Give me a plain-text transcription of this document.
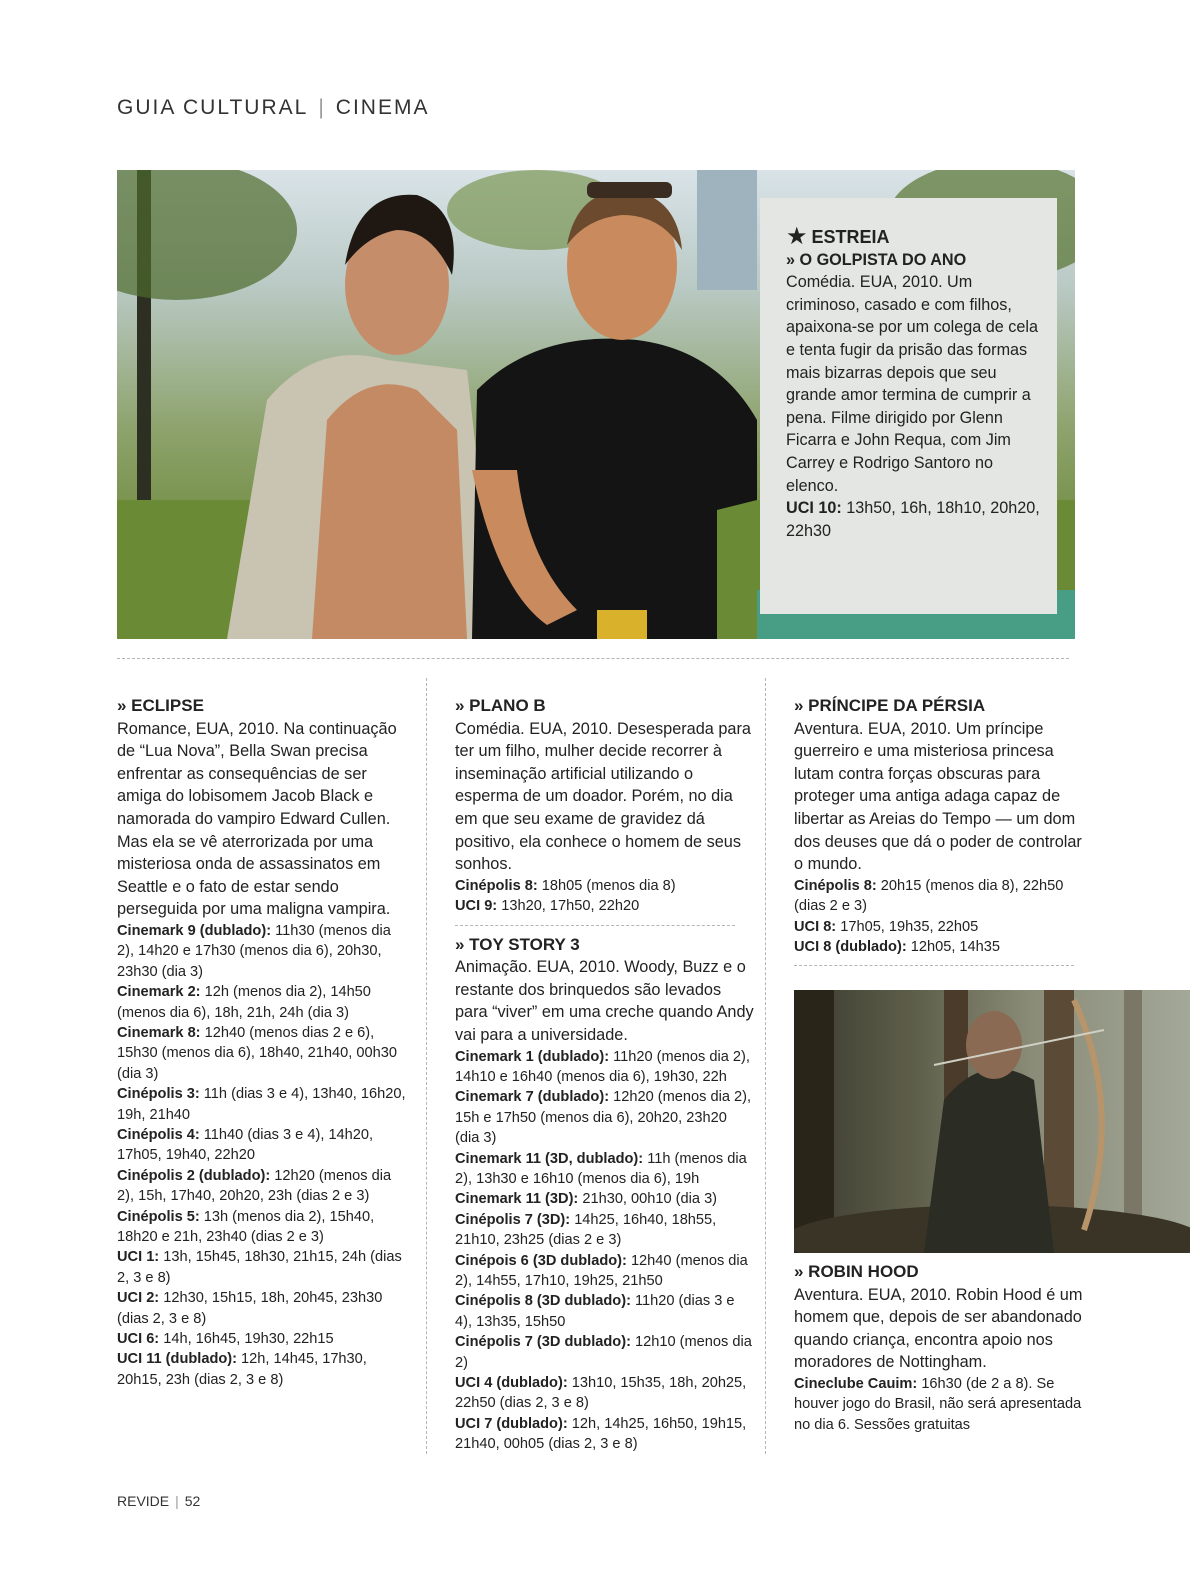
GUIA CULTURAL | CINEMA
★ ESTREIA
» O GOLPISTA DO ANO
Comédia. EUA, 2010. Um criminoso, casado e com filhos, apaixona-se por um colega de cela e tenta fugir da prisão das formas mais bizarras depois que seu grande amor termina de cumprir a pena. Filme dirigido por Glenn Ficarra e John Requa, com Jim Carrey e Rodrigo Santoro no elenco.
UCI 10: 13h50, 16h, 18h10, 20h20, 22h30
» ECLIPSE

Romance, EUA, 2010. Na continuação de “Lua Nova”, Bella Swan precisa enfrentar as consequências de ser amiga do lobisomem Jacob Black e namorada do vampiro Edward Cullen. Mas ela se vê aterrorizada por uma misteriosa onda de assassinatos em Seattle e o fato de estar sendo perseguida por uma maligna vampira.

Cinemark 9 (dublado): 11h30 (menos dia 2), 14h20 e 17h30 (menos dia 6), 20h30, 23h30 (dia 3)
Cinemark 2: 12h (menos dia 2), 14h50 (menos dia 6), 18h, 21h, 24h (dia 3)
Cinemark 8: 12h40 (menos dias 2 e 6), 15h30 (menos dia 6), 18h40, 21h40, 00h30 (dia 3)
Cinépolis 3: 11h (dias 3 e 4), 13h40, 16h20, 19h, 21h40
Cinépolis 4: 11h40 (dias 3 e 4), 14h20, 17h05, 19h40, 22h20
Cinépolis 2 (dublado): 12h20 (menos dia 2), 15h, 17h40, 20h20, 23h (dias 2 e 3)
Cinépolis 5: 13h (menos dia 2), 15h40, 18h20 e 21h, 23h40 (dias 2 e 3)
UCI 1: 13h, 15h45, 18h30, 21h15, 24h (dias 2, 3 e 8)
UCI 2: 12h30, 15h15, 18h, 20h45, 23h30 (dias 2, 3 e 8)
UCI 6: 14h, 16h45, 19h30, 22h15
UCI 11 (dublado): 12h, 14h45, 17h30, 20h15, 23h (dias 2, 3 e 8)

» PLANO B

Comédia. EUA, 2010. Desesperada para ter um filho, mulher decide recorrer à inseminação artificial utilizando o esperma de um doador. Porém, no dia em que seu exame de gravidez dá positivo, ela conhece o homem de seus sonhos.

Cinépolis 8: 18h05 (menos dia 8)
UCI 9: 13h20, 17h50, 22h20

» TOY STORY 3

Animação. EUA, 2010. Woody, Buzz e o restante dos brinquedos são levados para “viver” em uma creche quando Andy vai para a universidade.

Cinemark 1 (dublado): 11h20 (menos dia 2), 14h10 e 16h40 (menos dia 6), 19h30, 22h
Cinemark 7 (dublado): 12h20 (menos dia 2), 15h e 17h50 (menos dia 6), 20h20, 23h20 (dia 3)
Cinemark 11 (3D, dublado): 11h (menos dia 2), 13h30 e 16h10 (menos dia 6), 19h
Cinemark 11 (3D): 21h30, 00h10 (dia 3)
Cinépolis 7 (3D): 14h25, 16h40, 18h55, 21h10, 23h25 (dias 2 e 3)
Cinépois 6 (3D dublado): 12h40 (menos dia 2), 14h55, 17h10, 19h25, 21h50
Cinépolis 8 (3D dublado): 11h20 (dias 3 e 4), 13h35, 15h50
Cinépolis 7 (3D dublado): 12h10 (menos dia 2)
UCI 4 (dublado): 13h10, 15h35, 18h, 20h25, 22h50 (dias 2, 3 e 8)
UCI 7 (dublado): 12h, 14h25, 16h50, 19h15, 21h40, 00h05 (dias 2, 3 e 8)

» PRÍNCIPE DA PÉRSIA

Aventura. EUA, 2010. Um príncipe guerreiro e uma misteriosa princesa lutam contra forças obscuras para proteger uma antiga adaga capaz de libertar as Areias do Tempo — um dom dos deuses que dá o poder de controlar o mundo.

Cinépolis 8: 20h15 (menos dia 8), 22h50 (dias 2 e 3)
UCI 8: 17h05, 19h35, 22h05
UCI 8 (dublado): 12h05, 14h35

» ROBIN HOOD

Aventura. EUA, 2010. Robin Hood é um homem que, depois de ser abandonado quando criança, encontra apoio nos moradores de Nottingham.

Cineclube Cauim: 16h30 (de 2 a 8). Se houver jogo do Brasil, não será apresentada no dia 6. Sessões gratuitas

REVIDE | 52
